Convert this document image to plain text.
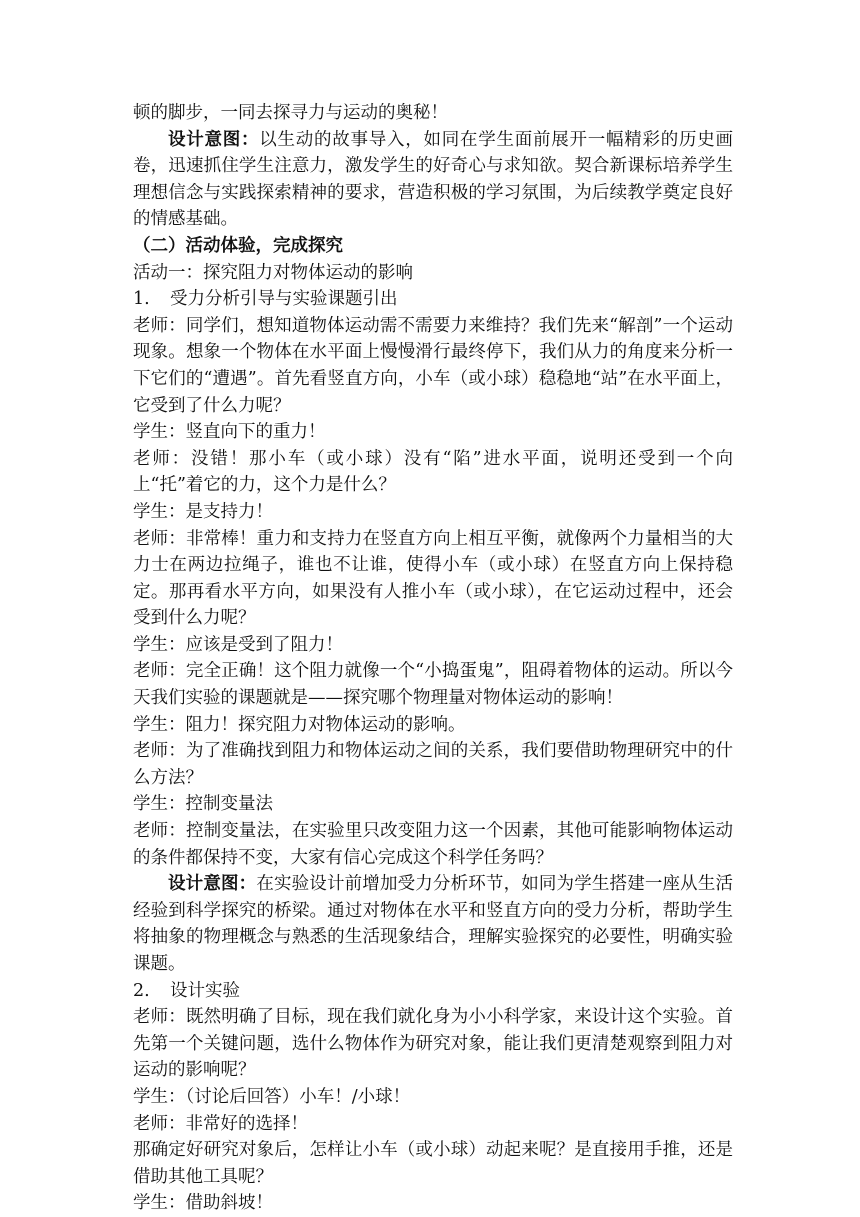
顿的脚步，一同去探寻力与运动的奥秘！

设计意图：以生动的故事导入，如同在学生面前展开一幅精彩的历史画卷，迅速抓住学生注意力，激发学生的好奇心与求知欲。契合新课标培养学生理想信念与实践探索精神的要求，营造积极的学习氛围，为后续教学奠定良好的情感基础。

（二）活动体验，完成探究

活动一：探究阻力对物体运动的影响

1. 受力分析引导与实验课题引出

老师：同学们，想知道物体运动需不需要力来维持？我们先来“解剖”一个运动现象。想象一个物体在水平面上慢慢滑行最终停下，我们从力的角度来分析一下它们的“遭遇”。首先看竖直方向，小车（或小球）稳稳地“站”在水平面上，它受到了什么力呢？

学生：竖直向下的重力！

老师：没错！那小车（或小球）没有“陷”进水平面，说明还受到一个向上“托”着它的力，这个力是什么？

学生：是支持力！

老师：非常棒！重力和支持力在竖直方向上相互平衡，就像两个力量相当的大力士在两边拉绳子，谁也不让谁，使得小车（或小球）在竖直方向上保持稳定。那再看水平方向，如果没有人推小车（或小球），在它运动过程中，还会受到什么力呢？

学生：应该是受到了阻力！

老师：完全正确！这个阻力就像一个“小捣蛋鬼”，阻碍着物体的运动。所以今天我们实验的课题就是——探究哪个物理量对物体运动的影响！

学生：阻力！探究阻力对物体运动的影响。

老师：为了准确找到阻力和物体运动之间的关系，我们要借助物理研究中的什么方法？

学生：控制变量法

老师：控制变量法，在实验里只改变阻力这一个因素，其他可能影响物体运动的条件都保持不变，大家有信心完成这个科学任务吗？

设计意图：在实验设计前增加受力分析环节，如同为学生搭建一座从生活经验到科学探究的桥梁。通过对物体在水平和竖直方向的受力分析，帮助学生将抽象的物理概念与熟悉的生活现象结合，理解实验探究的必要性，明确实验课题。

2. 设计实验

老师：既然明确了目标，现在我们就化身为小小科学家，来设计这个实验。首先第一个关键问题，选什么物体作为研究对象，能让我们更清楚观察到阻力对运动的影响呢？

学生：（讨论后回答）小车！/小球！

老师：非常好的选择！

那确定好研究对象后，怎样让小车（或小球）动起来呢？是直接用手推，还是借助其他工具呢？

学生：借助斜坡！
